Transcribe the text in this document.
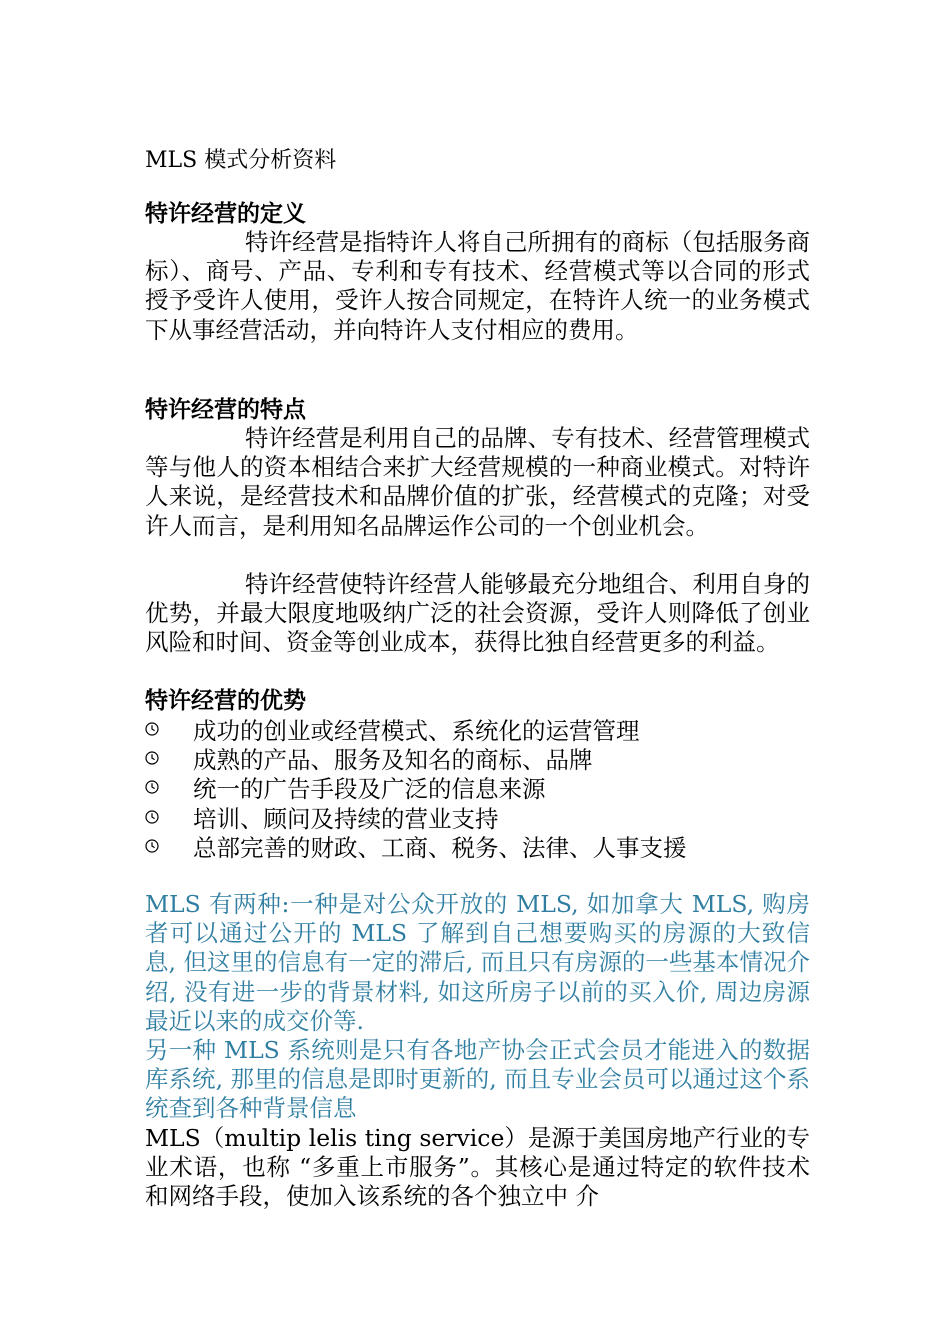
MLS 模式分析资料
特许经营的定义

特许经营是指特许人将自己所拥有的商标（包括服务商标）、商号、产品、专利和专有技术、经营模式等以合同的形式授予受许人使用，受许人按合同规定，在特许人统一的业务模式下从事经营活动，并向特许人支付相应的费用。

特许经营的特点

特许经营是利用自己的品牌、专有技术、经营管理模式等与他人的资本相结合来扩大经营规模的一种商业模式。对特许人来说，是经营技术和品牌价值的扩张，经营模式的克隆；对受许人而言，是利用知名品牌运作公司的一个创业机会。

特许经营使特许经营人能够最充分地组合、利用自身的优势，并最大限度地吸纳广泛的社会资源，受许人则降低了创业风险和时间、资金等创业成本，获得比独自经营更多的利益。

特许经营的优势
成功的创业或经营模式、系统化的运营管理
成熟的产品、服务及知名的商标、品牌
统一的广告手段及广泛的信息来源
培训、顾问及持续的营业支持
总部完善的财政、工商、税务、法律、人事支援

MLS 有两种:一种是对公众开放的 MLS, 如加拿大 MLS, 购房者可以通过公开的 MLS 了解到自己想要购买的房源的大致信息, 但这里的信息有一定的滞后, 而且只有房源的一些基本情况介绍, 没有进一步的背景材料, 如这所房子以前的买入价, 周边房源最近以来的成交价等.

另一种 MLS 系统则是只有各地产协会正式会员才能进入的数据库系统, 那里的信息是即时更新的, 而且专业会员可以通过这个系统查到各种背景信息

MLS（multip lelis ting service）是源于美国房地产行业的专业术语，也称 “多重上市服务”。其核心是通过特定的软件技术和网络手段，使加入该系统的各个独立中 介
